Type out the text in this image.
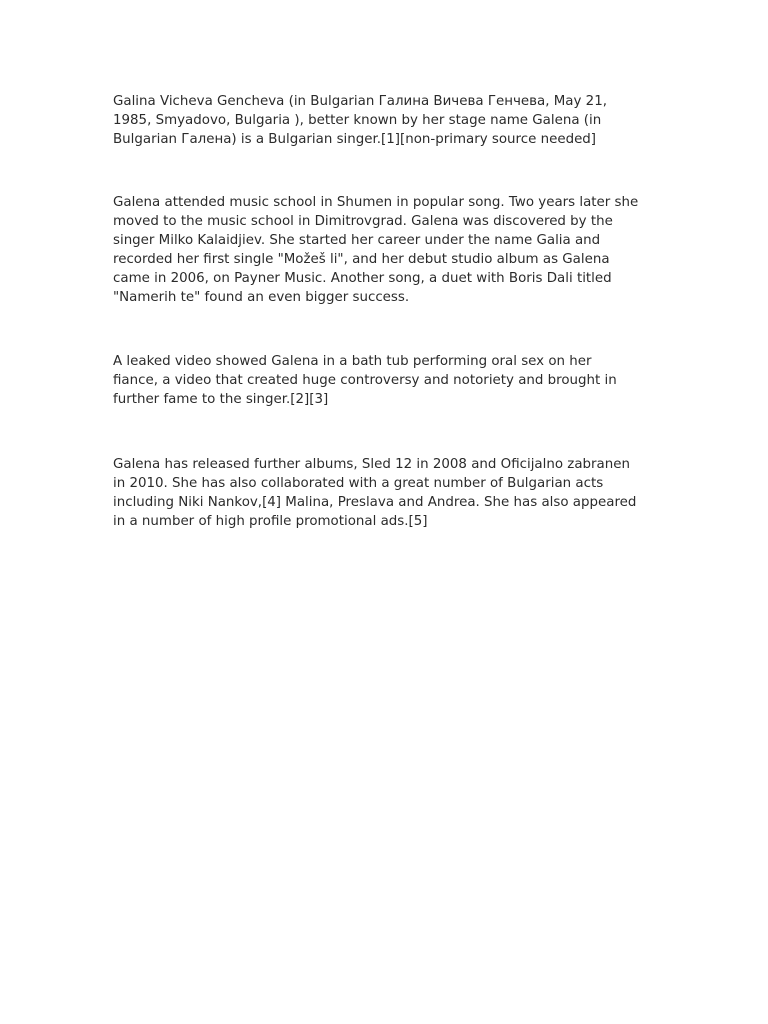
Galina Vicheva Gencheva (in Bulgarian Галина Вичева Генчева, May 21,
1985, Smyadovo, Bulgaria ), better known by her stage name Galena (in
Bulgarian Галена) is a Bulgarian singer.[1][non-primary source needed]

Galena attended music school in Shumen in popular song. Two years later she
moved to the music school in Dimitrovgrad. Galena was discovered by the
singer Milko Kalaidjiev. She started her career under the name Galia and
recorded her first single "Možeš li", and her debut studio album as Galena
came in 2006, on Payner Music. Another song, a duet with Boris Dali titled
"Namerih te" found an even bigger success.

A leaked video showed Galena in a bath tub performing oral sex on her
fiance, a video that created huge controversy and notoriety and brought in
further fame to the singer.[2][3]

Galena has released further albums, Sled 12 in 2008 and Oficijalno zabranen
in 2010. She has also collaborated with a great number of Bulgarian acts
including Niki Nankov,[4] Malina, Preslava and Andrea. She has also appeared
in a number of high profile promotional ads.[5]
